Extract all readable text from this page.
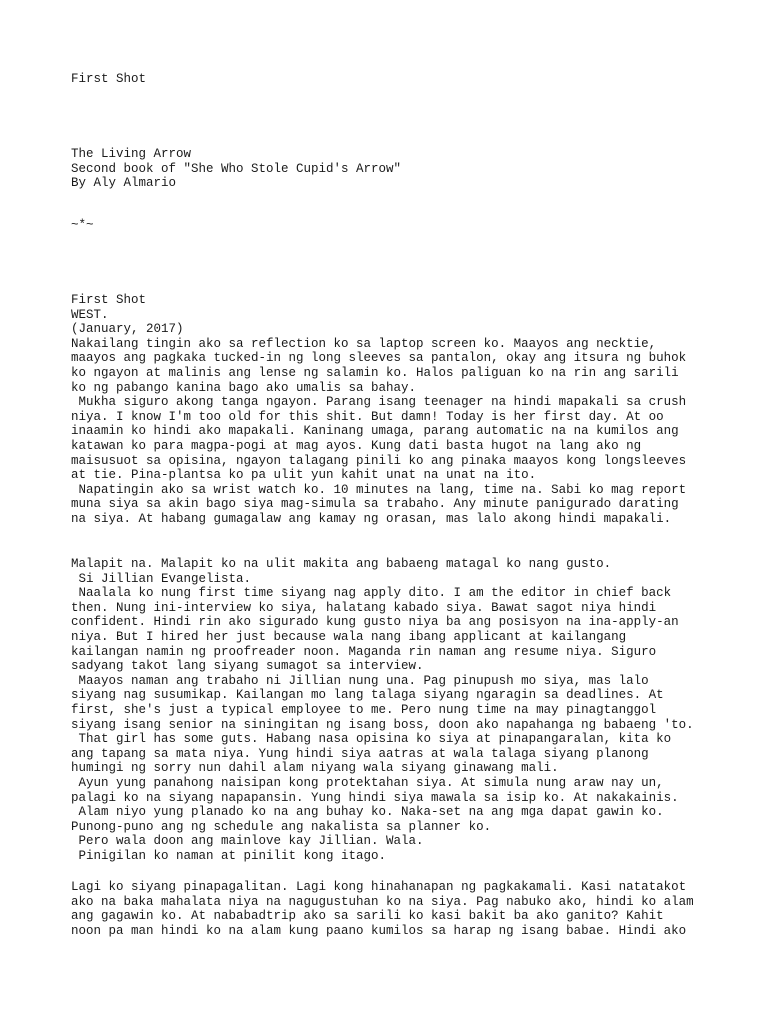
First Shot
The Living Arrow
Second book of "She Who Stole Cupid's Arrow"
By Aly Almario
~*~
First Shot
WEST.
(January, 2017)
Nakailang tingin ako sa reflection ko sa laptop screen ko. Maayos ang necktie,
maayos ang pagkaka tucked-in ng long sleeves sa pantalon, okay ang itsura ng buhok
ko ngayon at malinis ang lense ng salamin ko. Halos paliguan ko na rin ang sarili
ko ng pabango kanina bago ako umalis sa bahay.
Mukha siguro akong tanga ngayon. Parang isang teenager na hindi mapakali sa crush
niya. I know I'm too old for this shit. But damn! Today is her first day. At oo
inaamin ko hindi ako mapakali. Kaninang umaga, parang automatic na na kumilos ang
katawan ko para magpa-pogi at mag ayos. Kung dati basta hugot na lang ako ng
maisusuot sa opisina, ngayon talagang pinili ko ang pinaka maayos kong longsleeves
at tie. Pina-plantsa ko pa ulit yun kahit unat na unat na ito.
Napatingin ako sa wrist watch ko. 10 minutes na lang, time na. Sabi ko mag report
muna siya sa akin bago siya mag-simula sa trabaho. Any minute panigurado darating
na siya. At habang gumagalaw ang kamay ng orasan, mas lalo akong hindi mapakali.
Malapit na. Malapit ko na ulit makita ang babaeng matagal ko nang gusto.
Si Jillian Evangelista.
Naalala ko nung first time siyang nag apply dito. I am the editor in chief back
then. Nung ini-interview ko siya, halatang kabado siya. Bawat sagot niya hindi
confident. Hindi rin ako sigurado kung gusto niya ba ang posisyon na ina-apply-an
niya. But I hired her just because wala nang ibang applicant at kailangang
kailangan namin ng proofreader noon. Maganda rin naman ang resume niya. Siguro
sadyang takot lang siyang sumagot sa interview.
Maayos naman ang trabaho ni Jillian nung una. Pag pinupush mo siya, mas lalo
siyang nag susumikap. Kailangan mo lang talaga siyang ngaragin sa deadlines. At
first, she's just a typical employee to me. Pero nung time na may pinagtanggol
siyang isang senior na siningitan ng isang boss, doon ako napahanga ng babaeng 'to.
That girl has some guts. Habang nasa opisina ko siya at pinapangaralan, kita ko
ang tapang sa mata niya. Yung hindi siya aatras at wala talaga siyang planong
humingi ng sorry nun dahil alam niyang wala siyang ginawang mali.
Ayun yung panahong naisipan kong protektahan siya. At simula nung araw nay un,
palagi ko na siyang napapansin. Yung hindi siya mawala sa isip ko. At nakakainis.
Alam niyo yung planado ko na ang buhay ko. Naka-set na ang mga dapat gawin ko.
Punong-puno ang ng schedule ang nakalista sa planner ko.
Pero wala doon ang mainlove kay Jillian. Wala.
Pinigilan ko naman at pinilit kong itago.
Lagi ko siyang pinapagalitan. Lagi kong hinahanapan ng pagkakamali. Kasi natatakot
ako na baka mahalata niya na nagugustuhan ko na siya. Pag nabuko ako, hindi ko alam
ang gagawin ko. At nababadtrip ako sa sarili ko kasi bakit ba ako ganito? Kahit
noon pa man hindi ko na alam kung paano kumilos sa harap ng isang babae. Hindi ako
